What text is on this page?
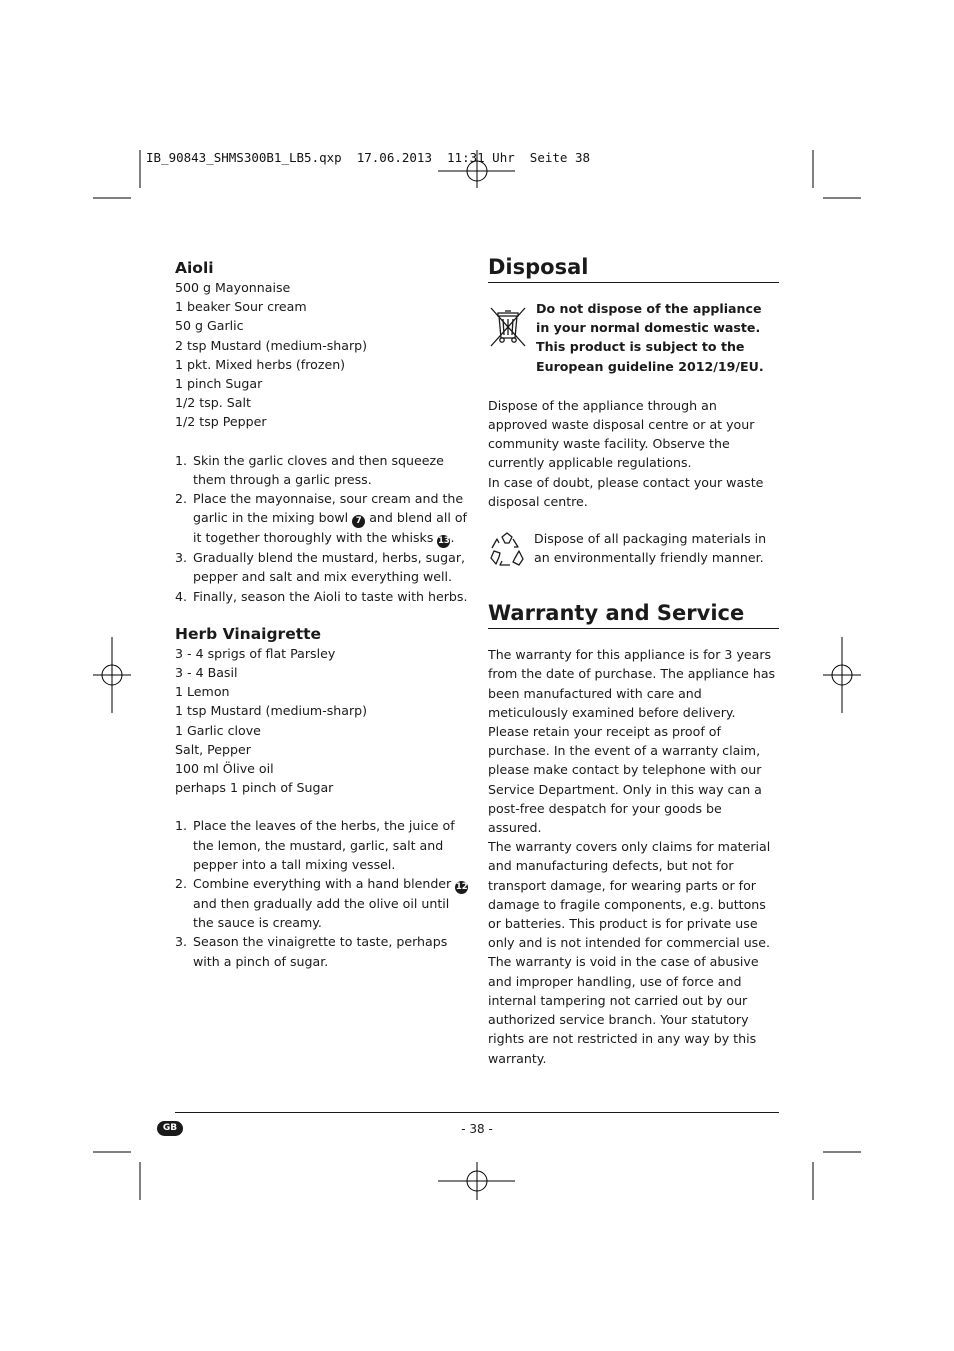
IB_90843_SHMS300B1_LB5.qxp  17.06.2013  11:31 Uhr  Seite 38
Aioli

500 g Mayonnaise

1 beaker Sour cream

50 g Garlic

2 tsp Mustard (medium-sharp)

1 pkt. Mixed herbs (frozen)

1 pinch Sugar

1/2 tsp. Salt

1/2 tsp Pepper

1. Skin the garlic cloves and then squeeze them through a garlic press.
2. Place the mayonnaise, sour cream and the garlic in the mixing bowl 7 and blend all of it together thoroughly with the whisks 13.
3. Gradually blend the mustard, herbs, sugar, pepper and salt and mix everything well.
4. Finally, season the Aioli to taste with herbs.
Herb Vinaigrette

3 - 4 sprigs of flat Parsley

3 - 4 Basil

1 Lemon

1 tsp Mustard (medium-sharp)

1 Garlic clove

Salt, Pepper

100 ml Ölive oil

perhaps 1 pinch of Sugar

1. Place the leaves of the herbs, the juice of the lemon, the mustard, garlic, salt and pepper into a tall mixing vessel.
2. Combine everything with a hand blender 12 and then gradually add the olive oil until the sauce is creamy.
3. Season the vinaigrette to taste, perhaps with a pinch of sugar.
Disposal
Do not dispose of the appliance in your normal domestic waste. This product is subject to the European guideline 2012/19/EU.

Dispose of the appliance through an approved waste disposal centre or at your community waste facility. Observe the currently applicable regulations.

In case of doubt, please contact your waste disposal centre.

Dispose of all packaging materials in an environmentally friendly manner.
Warranty and Service

The warranty for this appliance is for 3 years from the date of purchase. The appliance has been manufactured with care and meticulously examined before delivery.

Please retain your receipt as proof of purchase. In the event of a warranty claim, please make contact by telephone with our Service Department. Only in this way can a post-free despatch for your goods be assured.

The warranty covers only claims for material and manufacturing defects, but not for transport damage, for wearing parts or for damage to fragile components, e.g. buttons or batteries. This product is for private use only and is not intended for commercial use.

The warranty is void in the case of abusive and improper handling, use of force and internal tampering not carried out by our authorized service branch. Your statutory rights are not restricted in any way by this warranty.

GB	- 38 -
